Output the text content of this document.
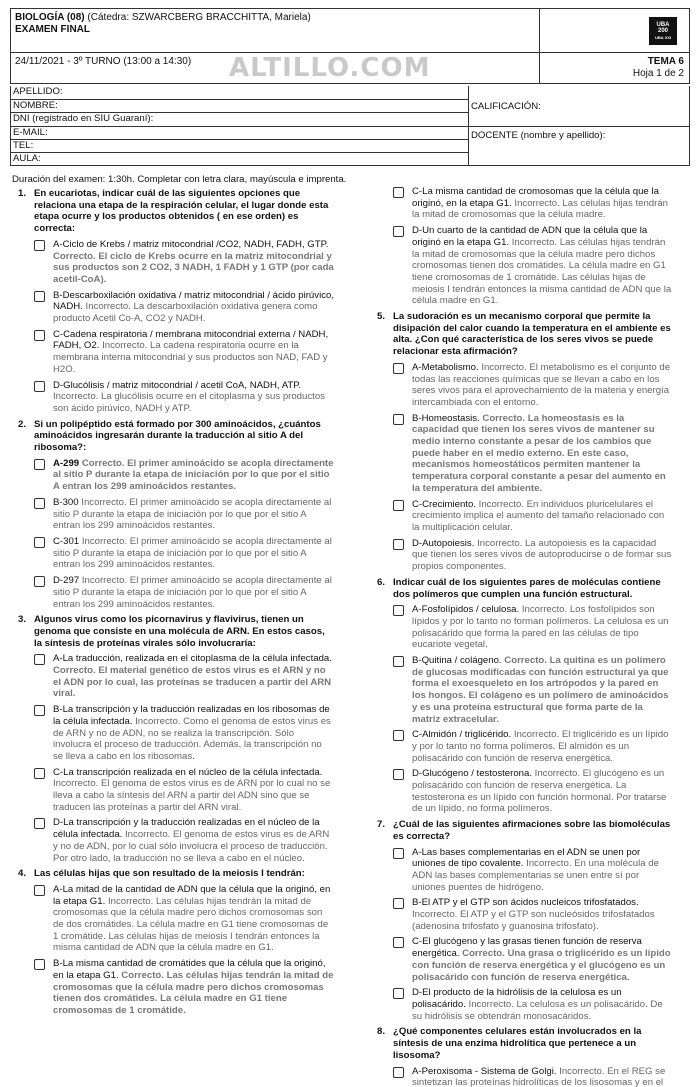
BIOLOGÍA (08) (Cátedra: SZWARCBERG BRACCHITTA, Mariela)
EXAMEN FINAL	UBA
200
UBA XXI
24/11/2021 - 3º TURNO (13:00 a 14:30) ALTILLO.COM	TEMA 6
Hoja 1 de 2
APELLIDO:
NOMBRE:
DNI (registrado en SIU Guaraní):
E-MAIL:
TEL:
AULA:
CALIFICACIÓN:
DOCENTE (nombre y apellido):
Duración del examen: 1:30h. Completar con letra clara, mayúscula e imprenta.
1. En eucariotas, indicar cuál de las siguientes opciones que relaciona una etapa de la respiración celular, el lugar donde esta etapa ocurre y los productos obtenidos ( en ese orden) es correcta:
A-Ciclo de Krebs / matriz mitocondrial /CO2, NADH, FADH, GTP. Correcto. El ciclo de Krebs ocurre en la matriz mitocondrial y sus productos son 2 CO2, 3 NADH, 1 FADH y 1 GTP (por cada acetil-CoA).
B-Descarboxilación oxidativa / matriz mitocondrial / ácido pirúvico, NADH. Incorrecto. La descarboxilación oxidativa genera como producto Acetil Co-A, CO2 y NADH.
C-Cadena respiratoria / membrana mitocondrial externa / NADH, FADH, O2. Incorrecto. La cadena respiratoria ocurre en la membrana interna mitocondrial y sus productos son NAD, FAD y H2O.
D-Glucólisis / matriz mitocondrial / acetil CoA, NADH, ATP. Incorrecto. La glucólisis ocurre en el citoplasma y sus productos son ácido pirúvico, NADH y ATP.
2. Si un polipéptido está formado por 300 aminoácidos, ¿cuántos aminoácidos ingresarán durante la traducción al sitio A del ribosoma?:
A-299 Correcto. El primer aminoácido se acopla directamente al sitio P durante la etapa de iniciación por lo que por el sitio A entran los 299 aminoácidos restantes.
B-300 Incorrecto. El primer aminoácido se acopla directamente al sitio P durante la etapa de iniciación por lo que por el sitio A entran los 299 aminoácidos restantes.
C-301 Incorrecto. El primer aminoácido se acopla directamente al sitio P durante la etapa de iniciación por lo que por el sitio A entran los 299 aminoácidos restantes.
D-297 Incorrecto. El primer aminoácido se acopla directamente al sitio P durante la etapa de iniciación por lo que por el sitio A entran los 299 aminoácidos restantes.
3. Algunos virus como los picornavirus y flavivirus, tienen un genoma que consiste en una molécula de ARN. En estos casos, la síntesis de proteínas virales sólo involucraría:
A-La traducción, realizada en el citoplasma de la célula infectada. Correcto. El material genético de estos virus es el ARN y no el ADN por lo cual, las proteínas se traducen a partir del ARN viral.
B-La transcripción y la traducción realizadas en los ribosomas de la célula infectada. Incorrecto. Como el genoma de estos virus es de ARN y no de ADN, no se realiza la transcripción. Sólo involucra el proceso de traducción. Además, la transcripción no se lleva a cabo en los ribosomas.
C-La transcripción realizada en el núcleo de la célula infectada. Incorrecto. El genoma de estos virus es de ARN por lo cual no se lleva a cabo la síntesis del ARN a partir del ADN sino que se traducen las proteínas a partir del ARN viral.
D-La transcripción y la traducción realizadas en el núcleo de la célula infectada. Incorrecto. El genoma de estos virus es de ARN y no de ADN, por lo cual sólo involucra el proceso de traducción. Por otro lado, la traducción no se lleva a cabo en el núcleo.
4. Las células hijas que son resultado de la meiosis I tendrán:
A-La mitad de la cantidad de ADN que la célula que la originó, en la etapa G1. Incorrecto. Las células hijas tendrán la mitad de cromosomas que la célula madre pero dichos cromosomas son de dos cromátides. La célula madre en G1 tiene cromosomas de 1 cromátide. Las células hijas de meiosis I tendrán entonces la misma cantidad de ADN que la célula madre en G1.
B-La misma cantidad de cromátides que la célula que la originó, en la etapa G1. Correcto. Las células hijas tendrán la mitad de cromosomas que la célula madre pero dichos cromosomas tienen dos cromátides. La célula madre en G1 tiene cromosomas de 1 cromátide.
C-La misma cantidad de cromosomas que la célula que la originó, en la etapa G1. Incorrecto. Las células hijas tendrán la mitad de cromosomas que la célula madre.
D-Un cuarto de la cantidad de ADN que la célula que la originó en la etapa G1. Incorrecto. Las células hijas tendrán la mitad de cromosomas que la célula madre pero dichos cromosomas tienen dos cromátides. La célula madre en G1 tiene cromosomas de 1 cromátide. Las células hijas de meiosis I tendrán entonces la misma cantidad de ADN que la célula madre en G1.
5. La sudoración es un mecanismo corporal que permite la disipación del calor cuando la temperatura en el ambiente es alta. ¿Con qué característica de los seres vivos se puede relacionar esta afirmación?
A-Metabolismo. Incorrecto. El metabolismo es el conjunto de todas las reacciones químicas que se llevan a cabo en los seres vivos para el aprovechamiento de la materia y energía intercambiada con el entorno.
B-Homeostasis. Correcto. La homeostasis es la capacidad que tienen los seres vivos de mantener su medio interno constante a pesar de los cambios que puede haber en el medio externo. En este caso, mecanismos homeostáticos permiten mantener la temperatura corporal constante a pesar del aumento en la temperatura del ambiente.
C-Crecimiento. Incorrecto. En individuos pluricelulares el crecimiento implica el aumento del tamaño relacionado con la multiplicación celular.
D-Autopoiesis. Incorrecto. La autopoiesis es la capacidad que tienen los seres vivos de autoproducirse o de formar sus propios componentes.
6. Indicar cuál de los siguientes pares de moléculas contiene dos polímeros que cumplen una función estructural.
A-Fosfolípidos / celulosa. Incorrecto. Los fosfolípidos son lípidos y por lo tanto no forman polímeros. La celulosa es un polisacárido que forma la pared en las células de tipo eucariote vegetal.
B-Quitina / colágeno. Correcto. La quitina es un polímero de glucosas modificadas con función estructural ya que forma el exoesqueleto en los artrópodos y la pared en los hongos. El colágeno es un polímero de aminoácidos y es una proteína estructural que forma parte de la matriz extracelular.
C-Almidón / triglicérido. Incorrecto. El triglicérido es un lípido y por lo tanto no forma polímeros. El almidón es un polisacárido con función de reserva energética.
D-Glucógeno / testosterona. Incorrecto. El glucógeno es un polisacárido con función de reserva energética. La testosterona es un lípido con función hormonal. Por tratarse de un lípido, no forma polímeros.
7. ¿Cuál de las siguientes afirmaciones sobre las biomoléculas es correcta?
A-Las bases complementarias en el ADN se unen por uniones de tipo covalente. Incorrecto. En una molécula de ADN las bases complementarias se unen entre sí por uniones puentes de hidrógeno.
B-El ATP y el GTP son ácidos nucleicos trifosfatados. Incorrecto. El ATP y el GTP son nucleósidos trifosfatados (adenosina trifosfato y guanosina trifosfato).
C-El glucógeno y las grasas tienen función de reserva energética. Correcto. Una grasa o triglicérido es un lípido con función de reserva energética y el glucógeno es un polisacárido con función de reserva energética.
D-El producto de la hidrólisis de la celulosa es un polisacárido. Incorrecto. La celulosa es un polisacárido. De su hidrólisis se obtendrán monosacáridos.
8. ¿Qué componentes celulares están involucrados en la síntesis de una enzima hidrolítica que pertenece a un lisosoma?
A-Peroxisoma - Sistema de Golgi. Incorrecto. En el REG se sintetizan las proteínas hidrolíticas de los lisosomas y en el
